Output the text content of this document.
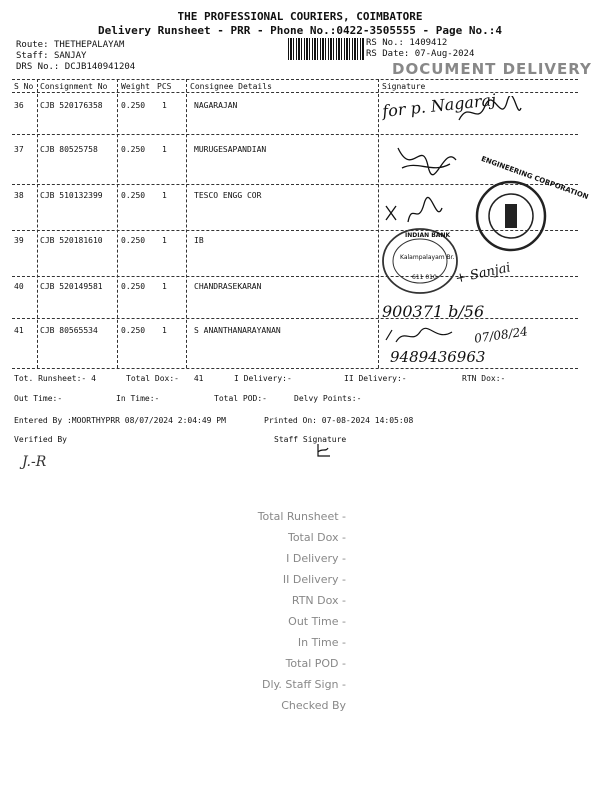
THE PROFESSIONAL COURIERS, COIMBATORE
Delivery Runsheet - PRR - Phone No.:0422-3505555 - Page No.:4
Route: THETHEPALAYAM
Staff: SANJAY
DRS No.: DCJB140941204
RS No.: 1409412
RS Date: 07-Aug-2024
DOCUMENT DELIVERY
S No Consignment No Weight PCS Consignee Details	Signature
36 CJB 520176358 0.250 1	NAGARAJAN
37 CJB 80525758	0.250 1	MURUGESAPANDIAN
38 CJB 510132399 0.250 1	TESCO ENGG COR
39 CJB 520181610 0.250 1	IB
40 CJB 520149581 0.250 1	CHANDRASEKARAN
41 CJB 80565534	0.250 1	S ANANTHANARAYANAN
for p. Nagaraj
ENGINEERING CORPORATION
INDIAN BANK
Kalampalayam Br.
611 010 + Sanjai
900371 b/56
07/08/24
9489436963
Tot. Runsheet:- 4	Total Dox:- 41	I Delivery:-	II Delivery:-	RTN Dox:-
Out Time:-	In Time:-	Total POD:-	Delvy Points:-
Entered By :MOORTHYPRR 08/07/2024 2:04:49 PM	Printed On: 07-08-2024 14:05:08
Verified By	Staff Signature
J.-R
Total Runsheet -
Total Dox -
I Delivery -
II Delivery -
RTN Dox -
Out Time -
In Time -
Total POD -
Dly. Staff Sign -
Checked By
